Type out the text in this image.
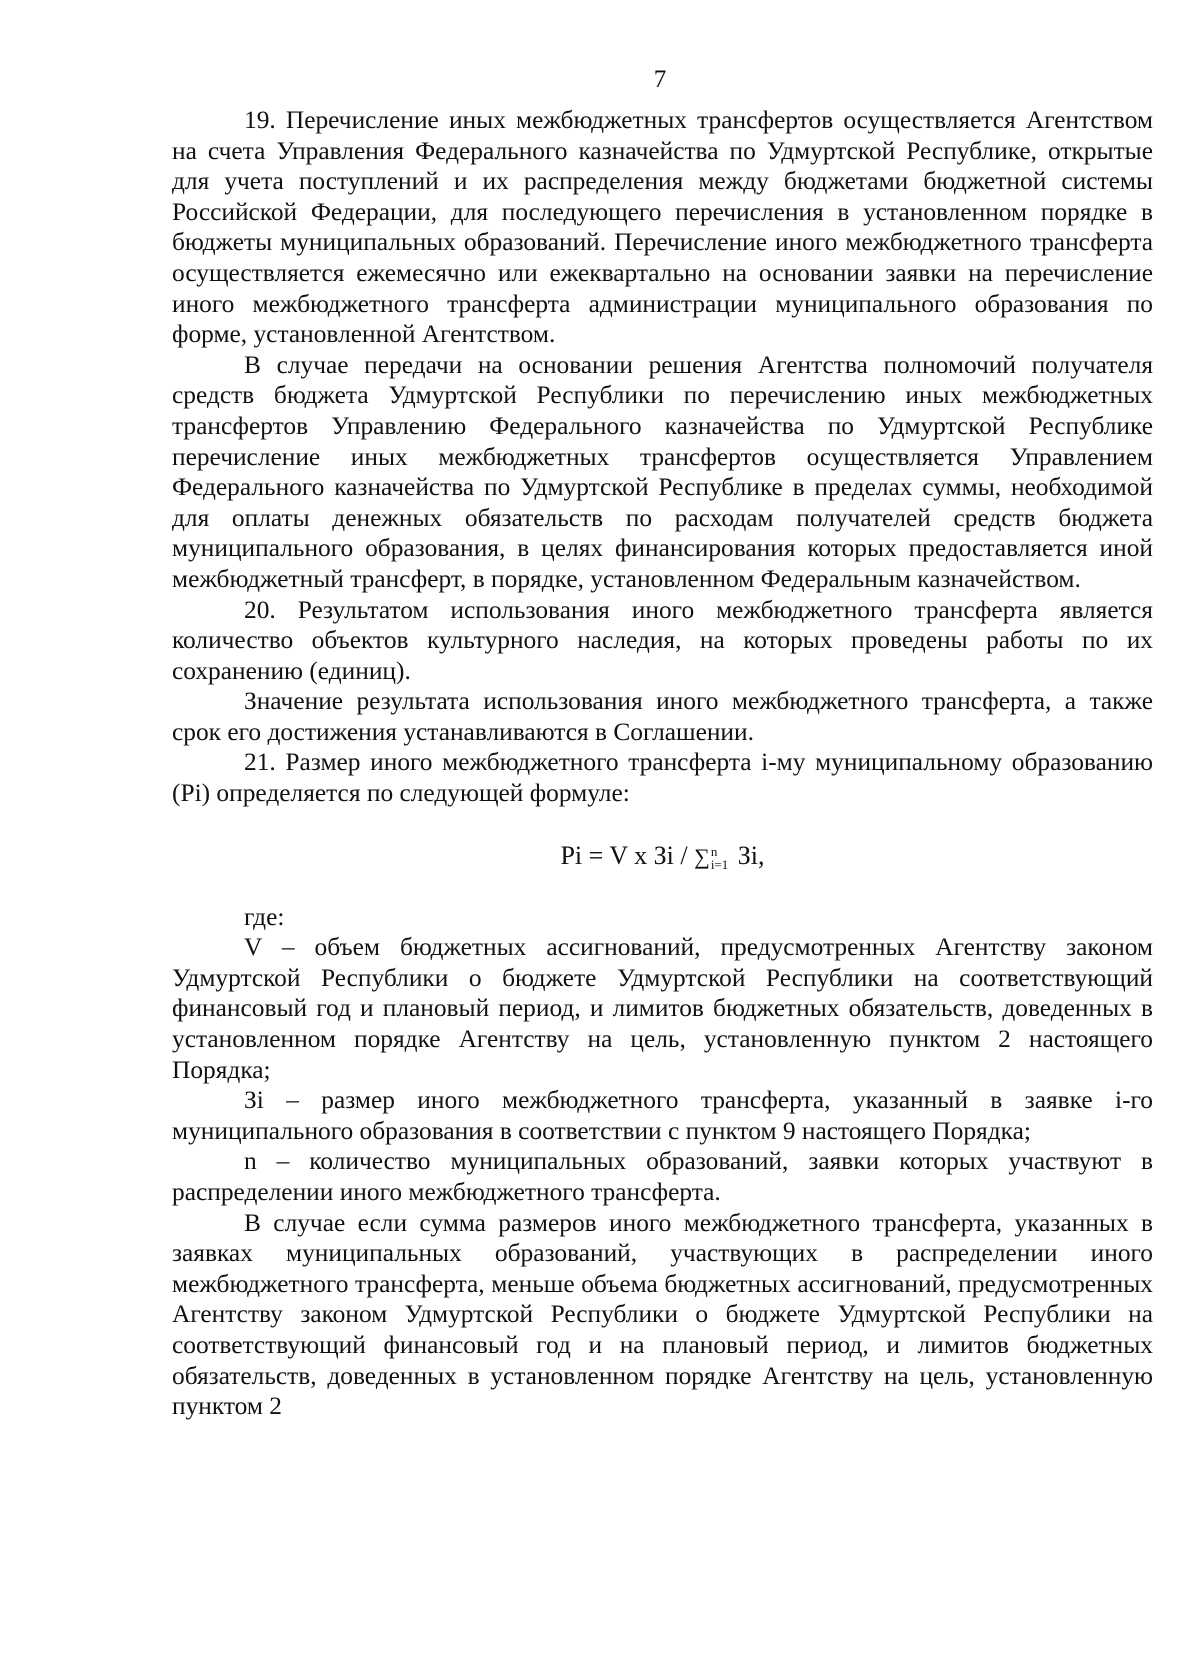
7

19. Перечисление иных межбюджетных трансфертов осуществляется Агентством на счета Управления Федерального казначейства по Удмуртской Республике, открытые для учета поступлений и их распределения между бюджетами бюджетной системы Российской Федерации, для последующего перечисления в установленном порядке в бюджеты муниципальных образований. Перечисление иного межбюджетного трансферта осуществляется ежемесячно или ежеквартально на основании заявки на перечисление иного межбюджетного трансферта администрации муниципального образования по форме, установленной Агентством.

В случае передачи на основании решения Агентства полномочий получателя средств бюджета Удмуртской Республики по перечислению иных межбюджетных трансфертов Управлению Федерального казначейства по Удмуртской Республике перечисление иных межбюджетных трансфертов осуществляется Управлением Федерального казначейства по Удмуртской Республике в пределах суммы, необходимой для оплаты денежных обязательств по расходам получателей средств бюджета муниципального образования, в целях финансирования которых предоставляется иной межбюджетный трансферт, в порядке, установленном Федеральным казначейством.

20. Результатом использования иного межбюджетного трансферта является количество объектов культурного наследия, на которых проведены работы по их сохранению (единиц).

Значение результата использования иного межбюджетного трансферта, а также срок его достижения устанавливаются в Соглашении.

21. Размер иного межбюджетного трансферта i-му муниципальному образованию (Pi) определяется по следующей формуле:

Pi = V x Зi / ∑ n
i=1 Зi,

где:

V – объем бюджетных ассигнований, предусмотренных Агентству законом Удмуртской Республики о бюджете Удмуртской Республики на соответствующий финансовый год и плановый период, и лимитов бюджетных обязательств, доведенных в установленном порядке Агентству на цель, установленную пунктом 2 настоящего Порядка;

Зi – размер иного межбюджетного трансферта, указанный в заявке i-го муниципального образования в соответствии с пунктом 9 настоящего Порядка;

n – количество муниципальных образований, заявки которых участвуют в распределении иного межбюджетного трансферта.

В случае если сумма размеров иного межбюджетного трансферта, указанных в заявках муниципальных образований, участвующих в распределении иного межбюджетного трансферта, меньше объема бюджетных ассигнований, предусмотренных Агентству законом Удмуртской Республики о бюджете Удмуртской Республики на соответствующий финансовый год и на плановый период, и лимитов бюджетных обязательств, доведенных в установленном порядке Агентству на цель, установленную пунктом 2
